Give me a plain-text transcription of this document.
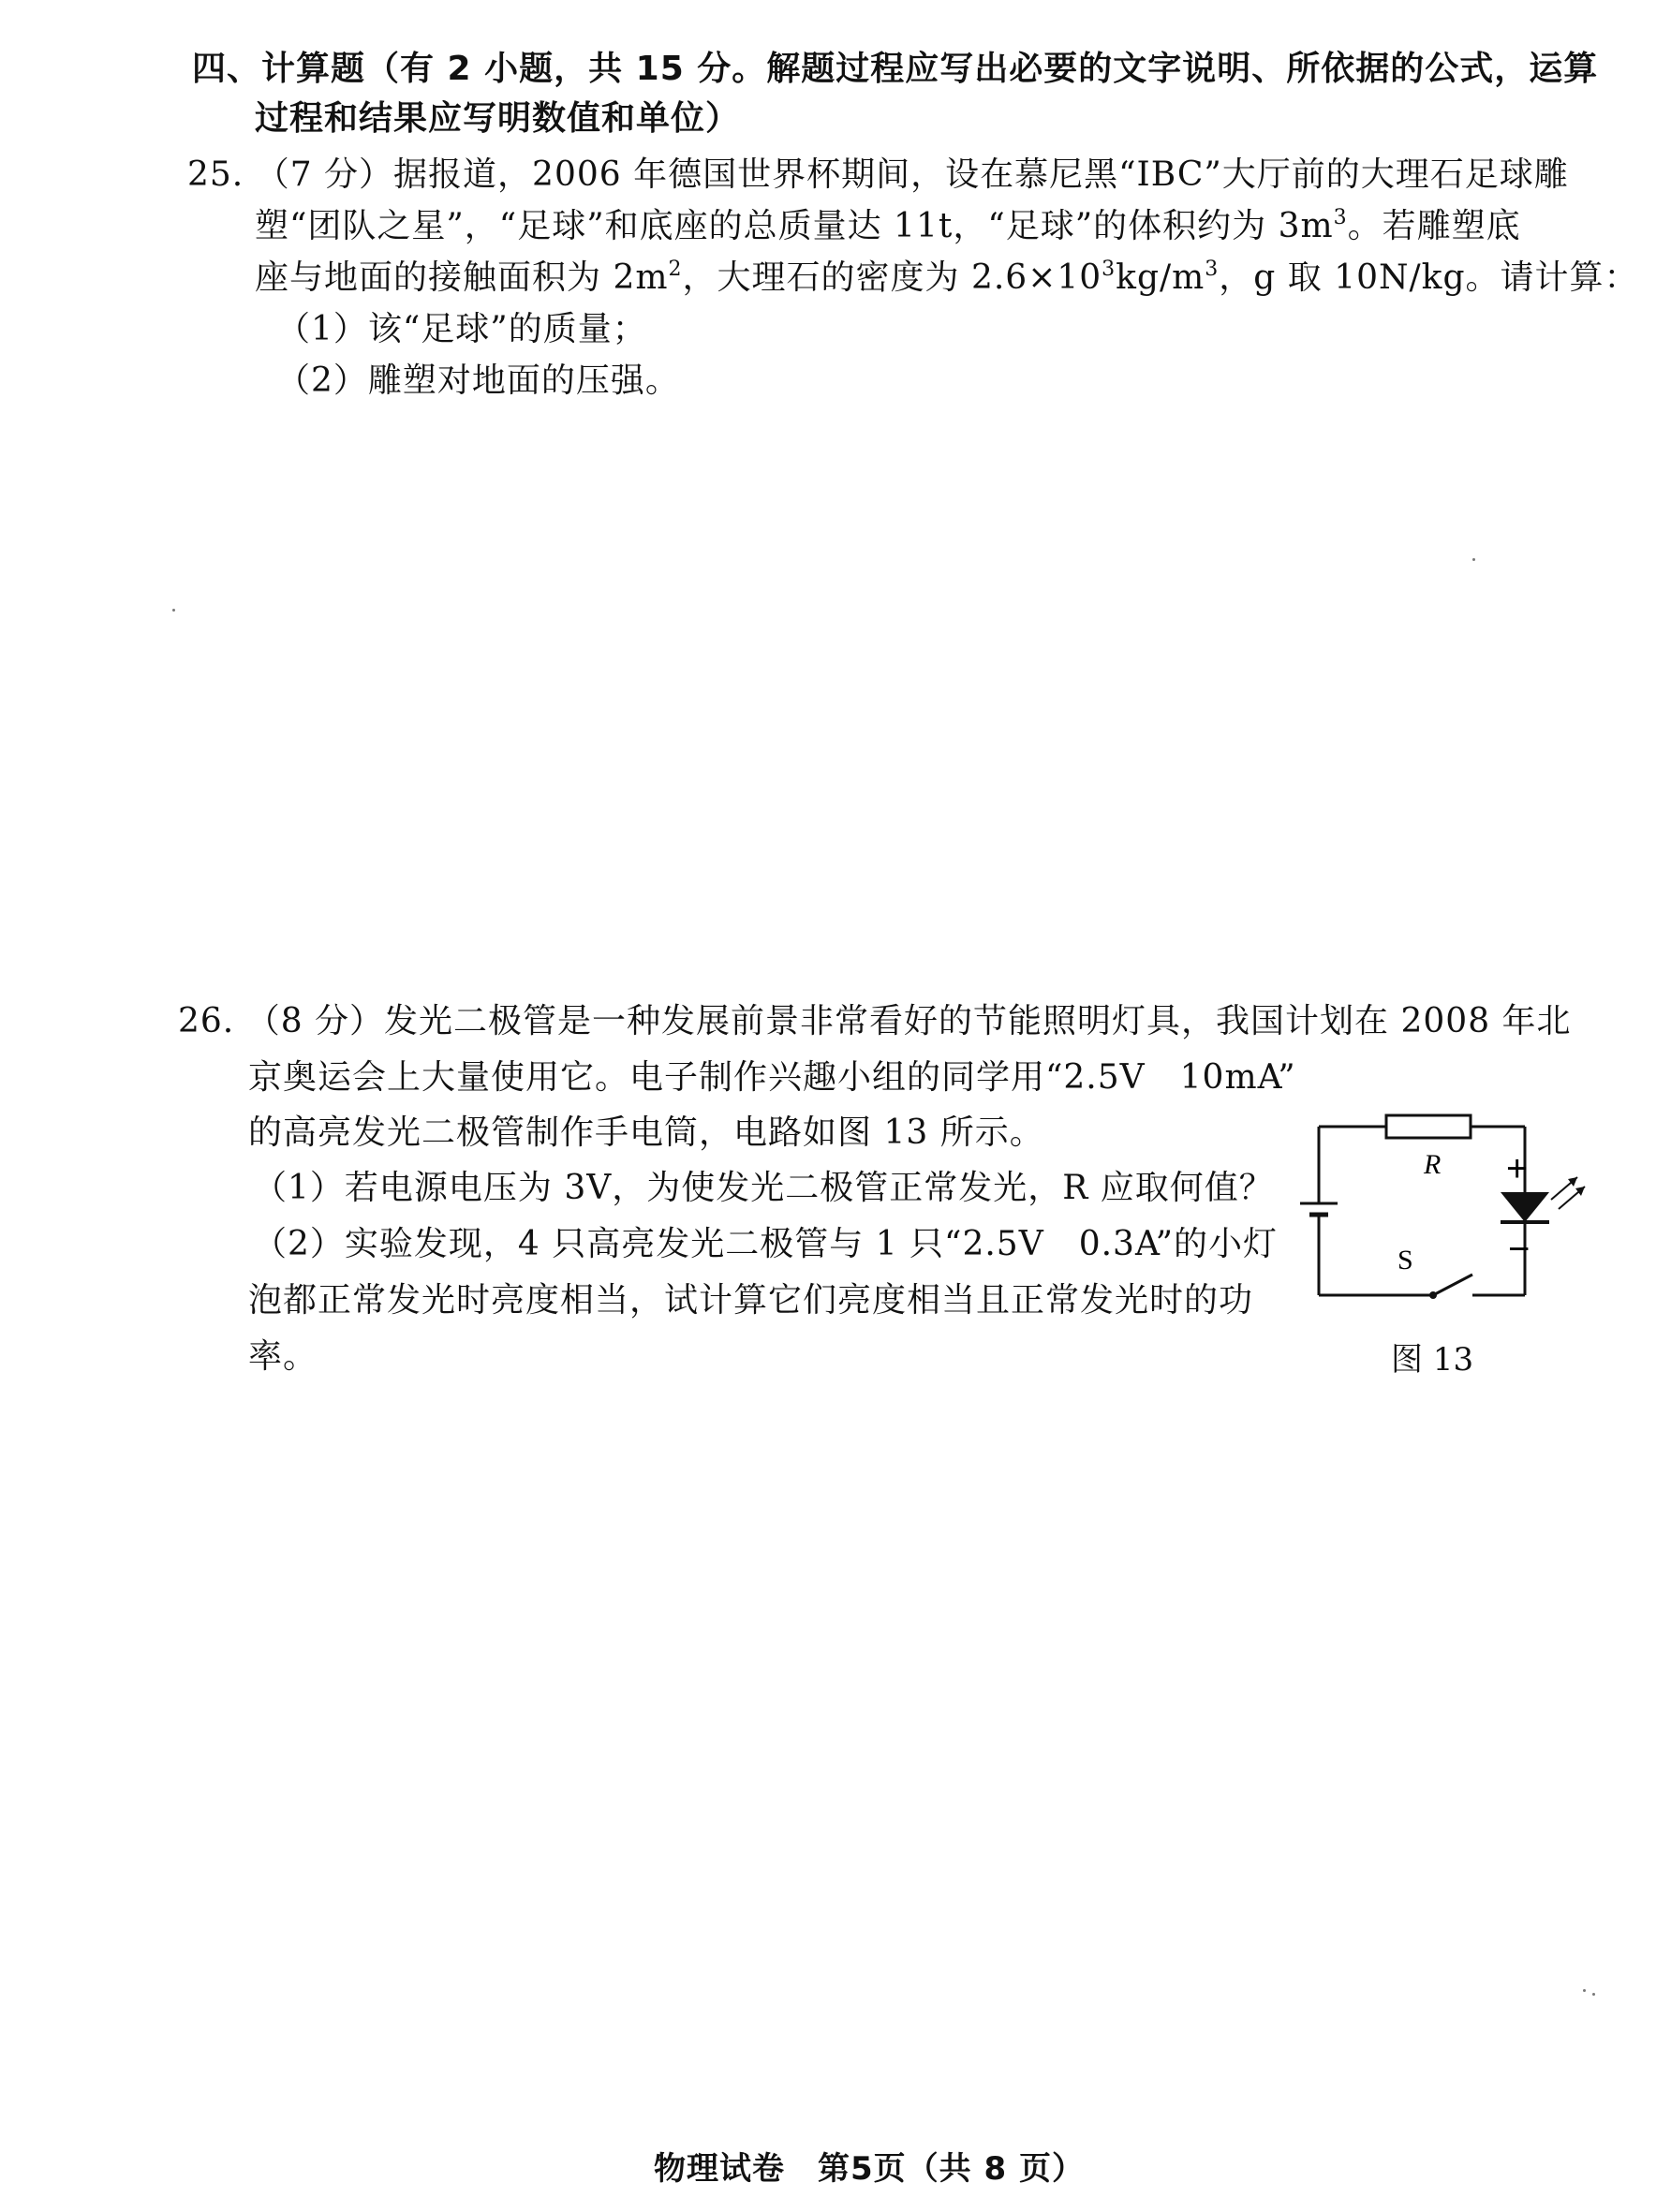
四、计算题（有 2 小题，共 15 分。解题过程应写出必要的文字说明、所依据的公式，运算
过程和结果应写明数值和单位）
25. （7 分）据报道，2006 年德国世界杯期间，设在慕尼黑“IBC”大厅前的大理石足球雕
塑“团队之星”，“足球”和底座的总质量达 11t，“足球”的体积约为 $3m^3$。若雕塑底
座与地面的接触面积为 $2m^2$，大理石的密度为 $2.6\times 10^3kg/m^3$，g 取 10N/kg。请计算：
（1）该“足球”的质量；
（2）雕塑对地面的压强。
26. （8 分）发光二极管是一种发展前景非常看好的节能照明灯具，我国计划在 2008 年北
京奥运会上大量使用它。电子制作兴趣小组的同学用“2.5V　10mA”
的高亮发光二极管制作手电筒，电路如图 13 所示。
（1）若电源电压为 3V，为使发光二极管正常发光，R 应取何值？
（2）实验发现，4 只高亮发光二极管与 1 只“2.5V　0.3A”的小灯
泡都正常发光时亮度相当，试计算它们亮度相当且正常发光时的功
率。
R +
−
S
图 13
物理试卷　第5页（共 8 页）
